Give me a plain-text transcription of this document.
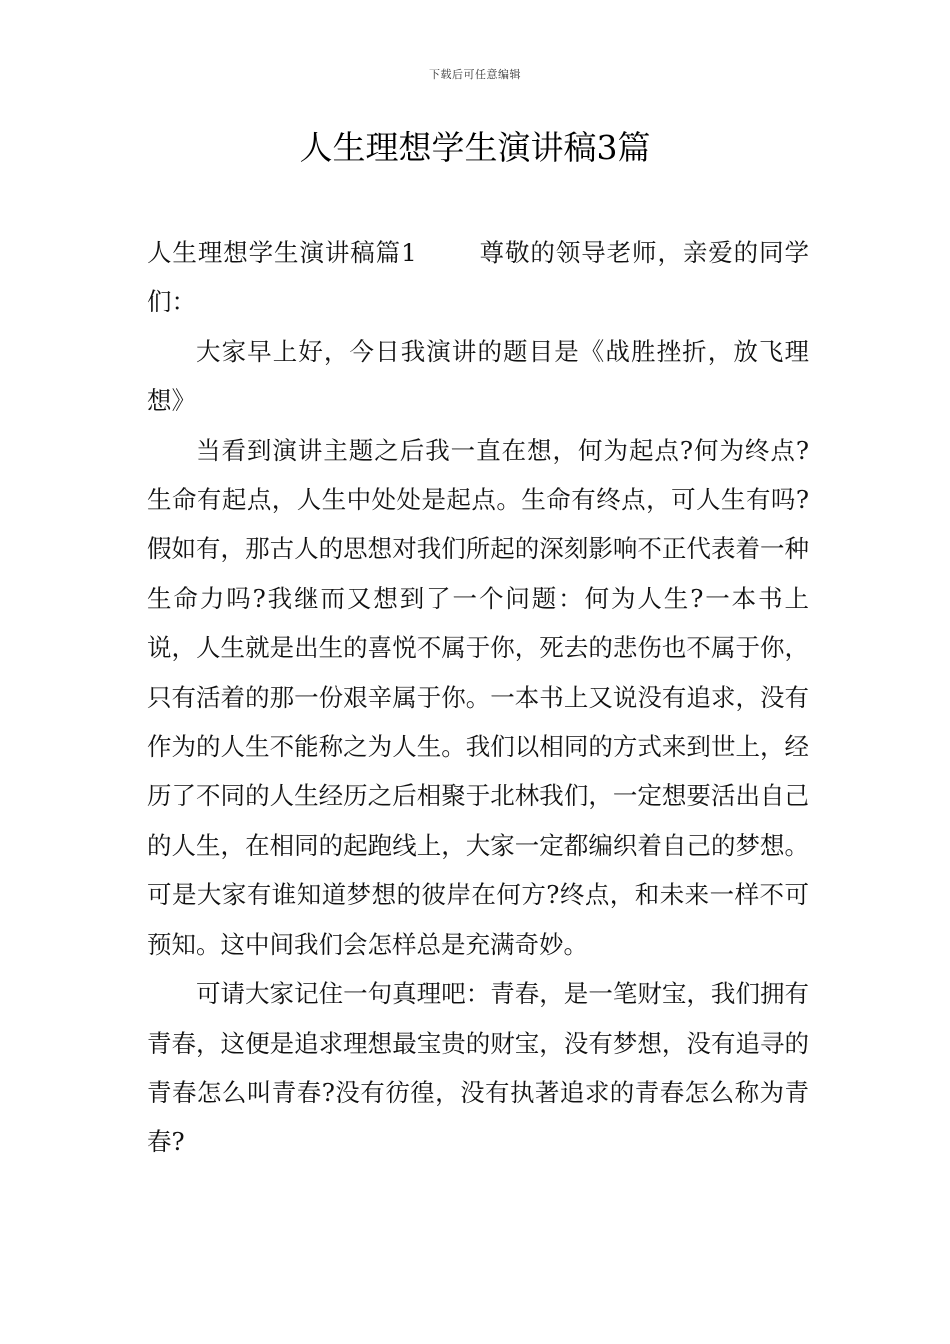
下载后可任意编辑
人生理想学生演讲稿3篇

人生理想学生演讲稿篇1	尊敬的领导老师，亲爱的同学们：

大家早上好，今日我演讲的题目是《战胜挫折，放飞理想》

当看到演讲主题之后我一直在想，何为起点?何为终点?生命有起点，人生中处处是起点。生命有终点，可人生有吗?假如有，那古人的思想对我们所起的深刻影响不正代表着一种生命力吗?我继而又想到了一个问题：何为人生?一本书上说，人生就是出生的喜悦不属于你，死去的悲伤也不属于你，只有活着的那一份艰辛属于你。一本书上又说没有追求，没有作为的人生不能称之为人生。我们以相同的方式来到世上，经历了不同的人生经历之后相聚于北林我们，一定想要活出自己的人生，在相同的起跑线上，大家一定都编织着自己的梦想。可是大家有谁知道梦想的彼岸在何方?终点，和未来一样不可预知。这中间我们会怎样总是充满奇妙。

可请大家记住一句真理吧：青春，是一笔财宝，我们拥有青春，这便是追求理想最宝贵的财宝，没有梦想，没有追寻的青春怎么叫青春?没有彷徨，没有执著追求的青春怎么称为青春?
